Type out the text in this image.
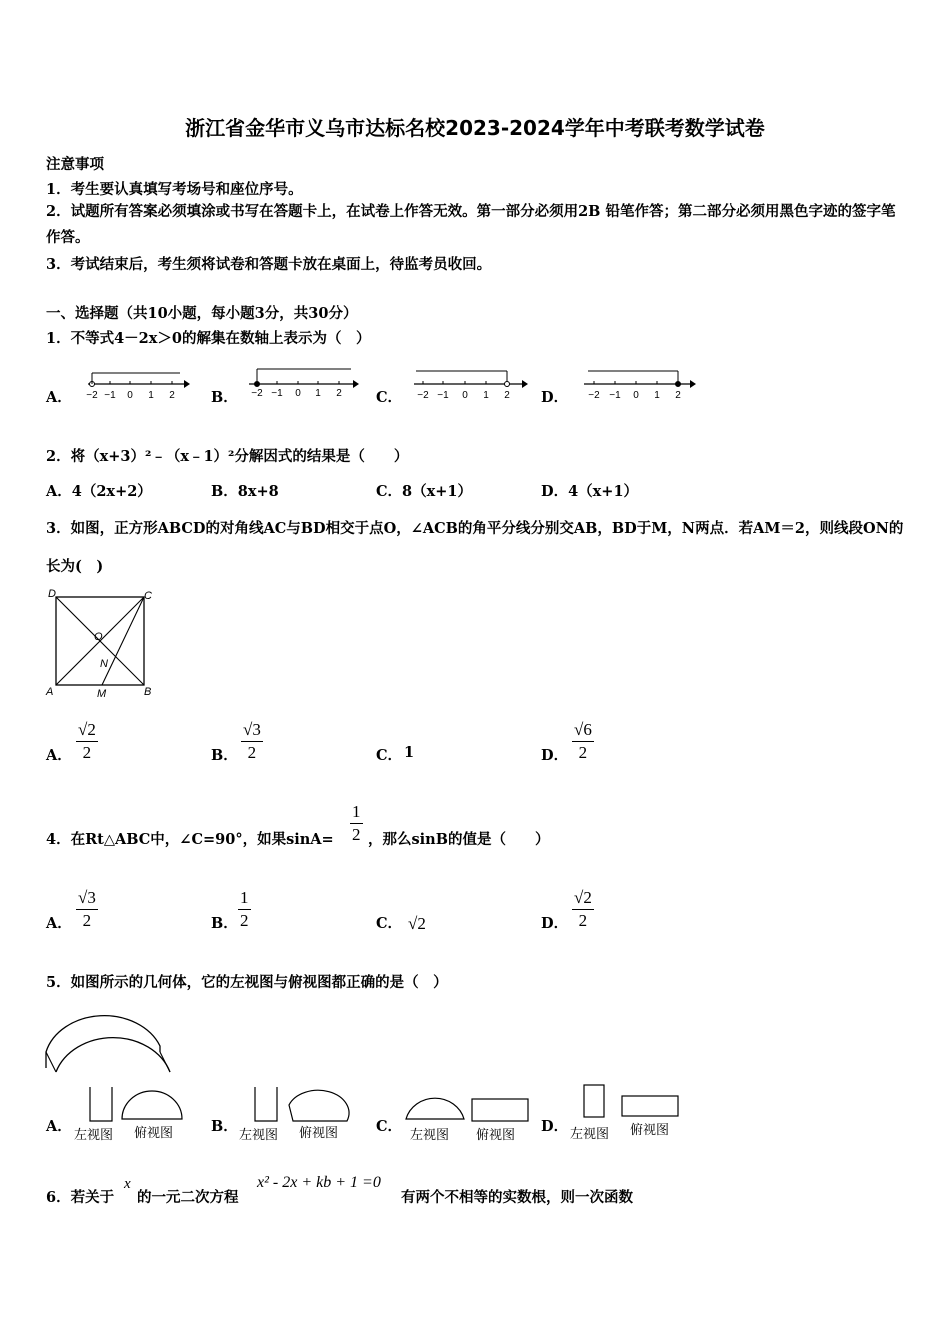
浙江省金华市义乌市达标名校2023-2024学年中考联考数学试卷
注意事项
1．考生要认真填写考场号和座位序号。
2．试题所有答案必须填涂或书写在答题卡上，在试卷上作答无效。第一部分必须用2B 铅笔作答；第二部分必须用黑色字迹的签字笔作答。
3．考试结束后，考生须将试卷和答题卡放在桌面上，待监考员收回。
一、选择题（共10小题，每小题3分，共30分）
1．不等式4－2x＞0的解集在数轴上表示为（　）
A． −2 −1 0 1 2 B． −2 −1 0 1 2 C． −2 −1 0 1 2 D． −2 −1 0 1 2
2．将（x+3）²﹣（x﹣1）²分解因式的结果是（　　）
A．4（2x+2）	B．8x+8	C．8（x+1）	D．4（x+1）
3．如图，正方形ABCD的对角线AC与BD相交于点O，∠ACB的角平分线分别交AB，BD于M，N两点．若AM＝2，则线段ON的长为(　)
D	C
O
N
A	M	B
A． $\frac{√2}{2}$	B． $\frac{√3}{2}$	C． 1	D． $\frac{√6}{2}$
4．在Rt△ABC中，∠C=90°，如果$\sin A= \frac{1}{2}$ ，那么sinB的值是（　　）
A． $\frac{√3}{2}$	B． $\frac{1}{2}$	C． √2	D． $\frac{√2}{2}$
5．如图所示的几何体，它的左视图与俯视图都正确的是（　）
A． 左视图 俯视图	B． 左视图 俯视图	C． 左视图 俯视图 D． 左视图 俯视图
6．若关于
x
的一元二次方程
x² - 2x + kb + 1 =0
有两个不相等的实数根，则一次函数
